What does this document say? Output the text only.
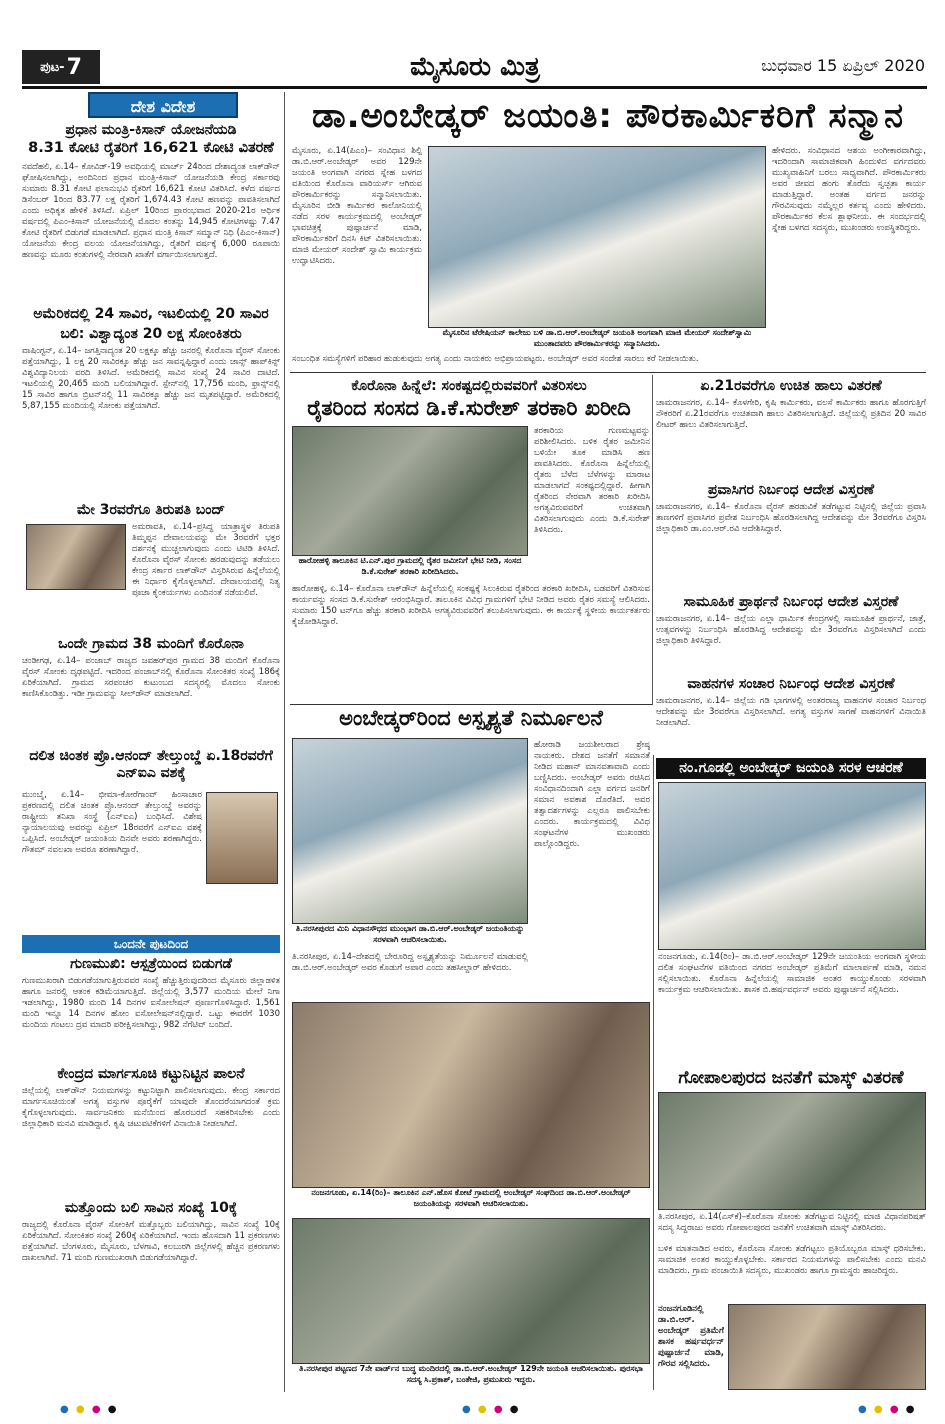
ಪುಟ- 7	ಮೈಸೂರು ಮಿತ್ರ	ಬುಧವಾರ 15 ಏಪ್ರಿಲ್ 2020
ದೇಶ ವಿದೇಶ
ಪ್ರಧಾನ ಮಂತ್ರಿ-ಕಿಸಾನ್ ಯೋಜನೆಯಡಿ
8.31 ಕೋಟಿ ರೈತರಿಗೆ 16,621 ಕೋಟಿ ವಿತರಣೆ
ನವದೆಹಲಿ, ಏ.14– ಕೋವಿಡ್-19 ಅವಧಿಯಲ್ಲಿ ಮಾರ್ಚ್ 24ರಿಂದ ದೇಶಾದ್ಯಂತ ಲಾಕ್‌ಡೌನ್ ಘೋಷಿಸಲಾಗಿದ್ದು, ಅಂದಿನಿಂದ ಪ್ರಧಾನ ಮಂತ್ರಿ-ಕಿಸಾನ್ ಯೋಜನೆಯಡಿ ಕೇಂದ್ರ ಸರ್ಕಾರವು ಸುಮಾರು 8.31 ಕೋಟಿ ಫಲಾನುಭವಿ ರೈತರಿಗೆ 16,621 ಕೋಟಿ ವಿತರಿಸಿದೆ. ಕಳೆದ ವರ್ಷದ ಡಿಸೆಂಬರ್ 1ರಿಂದ 83.77 ಲಕ್ಷ ರೈತರಿಗೆ 1,674.43 ಕೋಟಿ ಹಣವನ್ನು ಪಾವತಿಸಲಾಗಿದೆ ಎಂದು ಅಧಿಕೃತ ಹೇಳಿಕೆ ತಿಳಿಸಿದೆ. ಏಪ್ರಿಲ್ 10ರಿಂದ ಪ್ರಾರಂಭವಾದ 2020-21ರ ಆರ್ಥಿಕ ವರ್ಷದಲ್ಲಿ ಪಿಎಂ-ಕಿಸಾನ್ ಯೋಜನೆಯಲ್ಲಿ ಮೊದಲ ಕಂತನ್ನು 14,945 ಕೋಟಿಗಳಷ್ಟು 7.47 ಕೋಟಿ ರೈತರಿಗೆ ಬಿಡುಗಡೆ ಮಾಡಲಾಗಿದೆ. ಪ್ರಧಾನ ಮಂತ್ರಿ ಕಿಸಾನ್ ಸಮ್ಮಾನ್ ನಿಧಿ (ಪಿಎಂ-ಕಿಸಾನ್) ಯೋಜನೆಯ ಕೇಂದ್ರ ವಲಯ ಯೋಜನೆಯಾಗಿದ್ದು, ರೈತರಿಗೆ ವರ್ಷಕ್ಕೆ 6,000 ರೂಪಾಯಿ ಹಣವನ್ನು ಮೂರು ಕಂತುಗಳಲ್ಲಿ ನೇರವಾಗಿ ಖಾತೆಗೆ ವರ್ಗಾಯಿಸಲಾಗುತ್ತದೆ.
ಅಮೆರಿಕದಲ್ಲಿ 24 ಸಾವಿರ, ಇಟಲಿಯಲ್ಲಿ 20 ಸಾವಿರ
ಬಲಿ: ವಿಶ್ವಾದ್ಯಂತ 20 ಲಕ್ಷ ಸೋಂಕಿತರು
ವಾಷಿಂಗ್ಟನ್, ಏ.14– ಜಗತ್ತಿನಾದ್ಯಂತ 20 ಲಕ್ಷಕ್ಕೂ ಹೆಚ್ಚು ಜನರಲ್ಲಿ ಕೊರೊನಾ ವೈರಸ್ ಸೋಂಕು ಪತ್ತೆಯಾಗಿದ್ದು, 1 ಲಕ್ಷ 20 ಸಾವಿರಕ್ಕೂ ಹೆಚ್ಚು ಜನ ಸಾವನ್ನಪ್ಪಿದ್ದಾರೆ ಎಂದು ಜಾನ್ಸ್ ಹಾಪ್‌ಕಿನ್ಸ್ ವಿಶ್ವವಿದ್ಯಾನಿಲಯ ವರದಿ ತಿಳಿಸಿದೆ. ಅಮೆರಿಕದಲ್ಲಿ ಸಾವಿನ ಸಂಖ್ಯೆ 24 ಸಾವಿರ ದಾಟಿದೆ. ಇಟಲಿಯಲ್ಲಿ 20,465 ಮಂದಿ ಬಲಿಯಾಗಿದ್ದಾರೆ. ಸ್ಪೇನ್‌ನಲ್ಲಿ 17,756 ಮಂದಿ, ಫ್ರಾನ್ಸ್‌ನಲ್ಲಿ 15 ಸಾವಿರ ಹಾಗೂ ಬ್ರಿಟನ್‌ನಲ್ಲಿ 11 ಸಾವಿರಕ್ಕೂ ಹೆಚ್ಚು ಜನ ಮೃತಪಟ್ಟಿದ್ದಾರೆ. ಅಮೆರಿಕದಲ್ಲಿ 5,87,155 ಮಂದಿಯಲ್ಲಿ ಸೋಂಕು ಪತ್ತೆಯಾಗಿದೆ.
ಮೇ 3ರವರೆಗೂ ತಿರುಪತಿ ಬಂದ್
ಅಮರಾವತಿ, ಏ.14–ಪ್ರಸಿದ್ಧ ಯಾತ್ರಾಸ್ಥಳ ತಿರುಪತಿ ತಿಮ್ಮಪ್ಪನ ದೇವಾಲಯವನ್ನು ಮೇ 3ರವರೆಗೆ ಭಕ್ತರ ದರ್ಶನಕ್ಕೆ ಮುಚ್ಚಲಾಗುವುದು ಎಂದು ಟಿಟಿಡಿ ತಿಳಿಸಿದೆ. ಕೊರೊನಾ ವೈರಸ್ ಸೋಂಕು ಹರಡುವುದನ್ನು ತಡೆಯಲು ಕೇಂದ್ರ ಸರ್ಕಾರ ಲಾಕ್‌ಡೌನ್ ವಿಸ್ತರಿಸಿರುವ ಹಿನ್ನೆಲೆಯಲ್ಲಿ ಈ ನಿರ್ಧಾರ ಕೈಗೊಳ್ಳಲಾಗಿದೆ. ದೇವಾಲಯದಲ್ಲಿ ನಿತ್ಯ ಪೂಜಾ ಕೈಂಕರ್ಯಗಳು ಎಂದಿನಂತೆ ನಡೆಯಲಿವೆ.
ಒಂದೇ ಗ್ರಾಮದ 38 ಮಂದಿಗೆ ಕೊರೊನಾ
ಚಂಡೀಗಢ, ಏ.14– ಪಂಜಾಬ್ ರಾಜ್ಯದ ಜವಹರ್‌ಪುರ ಗ್ರಾಮದ 38 ಮಂದಿಗೆ ಕೊರೊನಾ ವೈರಸ್ ಸೋಂಕು ದೃಢಪಟ್ಟಿದೆ. ಇದರಿಂದ ಪಂಜಾಬ್‌ನಲ್ಲಿ ಕೊರೊನಾ ಸೋಂಕಿತರ ಸಂಖ್ಯೆ 186ಕ್ಕೆ ಏರಿಕೆಯಾಗಿದೆ. ಗ್ರಾಮದ ಸರಪಂಚರ ಕುಟುಂಬದ ಸದಸ್ಯರಲ್ಲಿ ಮೊದಲು ಸೋಂಕು ಕಾಣಿಸಿಕೊಂಡಿತ್ತು. ಇಡೀ ಗ್ರಾಮವನ್ನು ಸೀಲ್‌ಡೌನ್ ಮಾಡಲಾಗಿದೆ.
ದಲಿತ ಚಿಂತಕ ಪ್ರೊ.ಆನಂದ್ ತೇಲ್ತುಂಬ್ಡೆ ಏ.18ರವರೆಗೆ ಎನ್‌ಐಎ ವಶಕ್ಕೆ
ಮುಂಬೈ, ಏ.14– ಭೀಮಾ-ಕೋರೆಗಾಂವ್ ಹಿಂಸಾಚಾರ ಪ್ರಕರಣದಲ್ಲಿ ದಲಿತ ಚಿಂತಕ ಪ್ರೊ.ಆನಂದ್ ತೇಲ್ತುಂಬ್ಡೆ ಅವರನ್ನು ರಾಷ್ಟ್ರೀಯ ತನಿಖಾ ಸಂಸ್ಥೆ (ಎನ್‌ಐಎ) ಬಂಧಿಸಿದೆ. ವಿಶೇಷ ನ್ಯಾಯಾಲಯವು ಅವರನ್ನು ಏಪ್ರಿಲ್ 18ರವರೆಗೆ ಎನ್‌ಐಎ ವಶಕ್ಕೆ ಒಪ್ಪಿಸಿದೆ. ಅಂಬೇಡ್ಕರ್ ಜಯಂತಿಯ ದಿನವೇ ಅವರು ಶರಣಾಗಿದ್ದರು. ಗೌತಮ್ ನವಲಖಾ ಅವರೂ ಶರಣಾಗಿದ್ದಾರೆ.
ಒಂದನೇ ಪುಟದಿಂದ
ಗುಣಮುಖಿ: ಆಸ್ಪತ್ರೆಯಿಂದ ಬಿಡುಗಡೆ
ಗುಣಮುಖರಾಗಿ ಬಿಡುಗಡೆಯಾಗುತ್ತಿರುವವರ ಸಂಖ್ಯೆ ಹೆಚ್ಚುತ್ತಿರುವುದರಿಂದ ಮೈಸೂರು ಜಿಲ್ಲಾಡಳಿತ ಹಾಗೂ ಜನರಲ್ಲಿ ಆತಂಕ ಕಡಿಮೆಯಾಗುತ್ತಿದೆ. ಜಿಲ್ಲೆಯಲ್ಲಿ 3,577 ಮಂದಿಯ ಮೇಲೆ ನಿಗಾ ಇಡಲಾಗಿದ್ದು, 1980 ಮಂದಿ 14 ದಿನಗಳ ಐಸೋಲೇಷನ್ ಪೂರ್ಣಗೊಳಿಸಿದ್ದಾರೆ. 1,561 ಮಂದಿ ಇನ್ನೂ 14 ದಿನಗಳ ಹೋಂ ಐಸೋಲೇಷನ್‌ನಲ್ಲಿದ್ದಾರೆ. ಒಟ್ಟು ಈವರೆಗೆ 1030 ಮಂದಿಯ ಗಂಟಲು ದ್ರವ ಮಾದರಿ ಪರೀಕ್ಷಿಸಲಾಗಿದ್ದು, 982 ನೆಗೆಟಿವ್ ಬಂದಿದೆ.
ಕೇಂದ್ರದ ಮಾರ್ಗಸೂಚಿ ಕಟ್ಟುನಿಟ್ಟಿನ ಪಾಲನೆ
ಜಿಲ್ಲೆಯಲ್ಲಿ ಲಾಕ್‌ಡೌನ್ ನಿಯಮಗಳನ್ನು ಕಟ್ಟುನಿಟ್ಟಾಗಿ ಪಾಲಿಸಲಾಗುವುದು. ಕೇಂದ್ರ ಸರ್ಕಾರದ ಮಾರ್ಗಸೂಚಿಯಂತೆ ಅಗತ್ಯ ವಸ್ತುಗಳ ಪೂರೈಕೆಗೆ ಯಾವುದೇ ತೊಂದರೆಯಾಗದಂತೆ ಕ್ರಮ ಕೈಗೊಳ್ಳಲಾಗುವುದು. ಸಾರ್ವಜನಿಕರು ಮನೆಯಿಂದ ಹೊರಬರದೆ ಸಹಕರಿಸಬೇಕು ಎಂದು ಜಿಲ್ಲಾಧಿಕಾರಿ ಮನವಿ ಮಾಡಿದ್ದಾರೆ. ಕೃಷಿ ಚಟುವಟಿಕೆಗಳಿಗೆ ವಿನಾಯಿತಿ ನೀಡಲಾಗಿದೆ.
ಮತ್ತೊಂದು ಬಲಿ ಸಾವಿನ ಸಂಖ್ಯೆ 10ಕ್ಕೆ
ರಾಜ್ಯದಲ್ಲಿ ಕೊರೊನಾ ವೈರಸ್ ಸೋಂಕಿಗೆ ಮತ್ತೊಬ್ಬರು ಬಲಿಯಾಗಿದ್ದು, ಸಾವಿನ ಸಂಖ್ಯೆ 10ಕ್ಕೆ ಏರಿಕೆಯಾಗಿದೆ. ಸೋಂಕಿತರ ಸಂಖ್ಯೆ 260ಕ್ಕೆ ಏರಿಕೆಯಾಗಿದೆ. ಇಂದು ಹೊಸದಾಗಿ 11 ಪ್ರಕರಣಗಳು ಪತ್ತೆಯಾಗಿವೆ. ಬೆಂಗಳೂರು, ಮೈಸೂರು, ಬೆಳಗಾವಿ, ಕಲಬುರಗಿ ಜಿಲ್ಲೆಗಳಲ್ಲಿ ಹೆಚ್ಚಿನ ಪ್ರಕರಣಗಳು ದಾಖಲಾಗಿವೆ. 71 ಮಂದಿ ಗುಣಮುಖರಾಗಿ ಬಿಡುಗಡೆಯಾಗಿದ್ದಾರೆ.
ಡಾ.ಅಂಬೇಡ್ಕರ್ ಜಯಂತಿ: ಪೌರಕಾರ್ಮಿಕರಿಗೆ ಸನ್ಮಾನ
ಮೈಸೂರು, ಏ.14(ಪಿಎಂ)– ಸಂವಿಧಾನ ಶಿಲ್ಪಿ ಡಾ.ಬಿ.ಆರ್.ಅಂಬೇಡ್ಕರ್ ಅವರ 129ನೇ ಜಯಂತಿ ಅಂಗವಾಗಿ ನಗರದ ಸ್ನೇಹ ಬಳಗದ ವತಿಯಿಂದ ಕೊರೊನಾ ವಾರಿಯರ್ಸ್ ಆಗಿರುವ ಪೌರಕಾರ್ಮಿಕರನ್ನು ಸನ್ಮಾನಿಸಲಾಯಿತು. ಮೈಸೂರಿನ ಬೀಡಿ ಕಾರ್ಮಿಕರ ಕಾಲೋನಿಯಲ್ಲಿ ನಡೆದ ಸರಳ ಕಾರ್ಯಕ್ರಮದಲ್ಲಿ ಅಂಬೇಡ್ಕರ್ ಭಾವಚಿತ್ರಕ್ಕೆ ಪುಷ್ಪಾರ್ಚನೆ ಮಾಡಿ, ಪೌರಕಾರ್ಮಿಕರಿಗೆ ದಿನಸಿ ಕಿಟ್ ವಿತರಿಸಲಾಯಿತು. ಮಾಜಿ ಮೇಯರ್ ಸಂದೇಶ್ ಸ್ವಾಮಿ ಕಾರ್ಯಕ್ರಮ ಉದ್ಘಾಟಿಸಿದರು.
ಮೈಸೂರಿನ ಟೆರೇಷಿಯನ್ ಕಾಲೇಜು ಬಳಿ ಡಾ.ಬಿ.ಆರ್.ಅಂಬೇಡ್ಕರ್ ಜಯಂತಿ ಅಂಗವಾಗಿ ಮಾಜಿ ಮೇಯರ್ ಸಂದೇಶ್‌ಸ್ವಾಮಿ ಮುಂತಾದವರು ಪೌರಕಾರ್ಮಿಕರನ್ನು ಸನ್ಮಾನಿಸಿದರು.
ಹೇಳಿದರು. ಸಂವಿಧಾನದ ಆಶಯ ಅಂಗೀಕಾರವಾಗಿದ್ದು, ಇದರಿಂದಾಗಿ ಸಾಮಾಜಿಕವಾಗಿ ಹಿಂದುಳಿದ ವರ್ಗದವರು ಮುಖ್ಯವಾಹಿನಿಗೆ ಬರಲು ಸಾಧ್ಯವಾಗಿದೆ. ಪೌರಕಾರ್ಮಿಕರು ಅವರ ಜೀವದ ಹಂಗು ತೊರೆದು ಸ್ವಚ್ಛತಾ ಕಾರ್ಯ ಮಾಡುತ್ತಿದ್ದಾರೆ. ಅಂತಹ ವರ್ಗದ ಜನರನ್ನು ಗೌರವಿಸುವುದು ನಮ್ಮೆಲ್ಲರ ಕರ್ತವ್ಯ ಎಂದು ಹೇಳಿದರು. ಪೌರಕಾರ್ಮಿಕರ ಕೆಲಸ ಶ್ಲಾಘನೀಯ. ಈ ಸಂದರ್ಭದಲ್ಲಿ ಸ್ನೇಹ ಬಳಗದ ಸದಸ್ಯರು, ಮುಖಂಡರು ಉಪಸ್ಥಿತರಿದ್ದರು.
ಸಂಬಂಧಿತ ಸಮಸ್ಯೆಗಳಿಗೆ ಪರಿಹಾರ ಹುಡುಕುವುದು ಅಗತ್ಯ ಎಂದು ನಾಯಕರು ಅಭಿಪ್ರಾಯಪಟ್ಟರು. ಅಂಬೇಡ್ಕರ್ ಅವರ ಸಂದೇಶ ಸಾರಲು ಕರೆ ನೀಡಲಾಯಿತು.
ಕೊರೊನಾ ಹಿನ್ನೆಲೆ: ಸಂಕಷ್ಟದಲ್ಲಿರುವವರಿಗೆ ವಿತರಿಸಲು
ರೈತರಿಂದ ಸಂಸದ ಡಿ.ಕೆ.ಸುರೇಶ್ ತರಕಾರಿ ಖರೀದಿ
ಹಾರೋಹಳ್ಳಿ ತಾಲೂಕಿನ ಟಿ.ಎನ್.ಪುರ ಗ್ರಾಮದಲ್ಲಿ ರೈತರ ಜಮೀನಿಗೆ ಭೇಟಿ ನೀಡಿ, ಸಂಸದ ಡಿ.ಕೆ.ಸುರೇಶ್ ತರಕಾರಿ ಖರೀದಿಸಿದರು.
ತರಕಾರಿಯ ಗುಣಮಟ್ಟವನ್ನು ಪರಿಶೀಲಿಸಿದರು. ಬಳಿಕ ರೈತರ ಜಮೀನಿನ ಬಳಿಯೇ ತೂಕ ಮಾಡಿಸಿ ಹಣ ಪಾವತಿಸಿದರು. ಕೊರೊನಾ ಹಿನ್ನೆಲೆಯಲ್ಲಿ ರೈತರು ಬೆಳೆದ ಬೆಳೆಗಳನ್ನು ಮಾರಾಟ ಮಾಡಲಾಗದೆ ಸಂಕಷ್ಟದಲ್ಲಿದ್ದಾರೆ. ಹೀಗಾಗಿ ರೈತರಿಂದ ನೇರವಾಗಿ ತರಕಾರಿ ಖರೀದಿಸಿ ಅಗತ್ಯವಿರುವವರಿಗೆ ಉಚಿತವಾಗಿ ವಿತರಿಸಲಾಗುವುದು ಎಂದು ಡಿ.ಕೆ.ಸುರೇಶ್ ತಿಳಿಸಿದರು.
ಹಾರೋಹಳ್ಳಿ, ಏ.14– ಕೊರೊನಾ ಲಾಕ್‌ಡೌನ್ ಹಿನ್ನೆಲೆಯಲ್ಲಿ ಸಂಕಷ್ಟಕ್ಕೆ ಸಿಲುಕಿರುವ ರೈತರಿಂದ ತರಕಾರಿ ಖರೀದಿಸಿ, ಬಡವರಿಗೆ ವಿತರಿಸುವ ಕಾರ್ಯವನ್ನು ಸಂಸದ ಡಿ.ಕೆ.ಸುರೇಶ್ ಆರಂಭಿಸಿದ್ದಾರೆ. ತಾಲೂಕಿನ ವಿವಿಧ ಗ್ರಾಮಗಳಿಗೆ ಭೇಟಿ ನೀಡಿದ ಅವರು ರೈತರ ಸಮಸ್ಯೆ ಆಲಿಸಿದರು. ಸುಮಾರು 150 ಟನ್‌ಗೂ ಹೆಚ್ಚು ತರಕಾರಿ ಖರೀದಿಸಿ ಅಗತ್ಯವಿರುವವರಿಗೆ ತಲುಪಿಸಲಾಗುವುದು. ಈ ಕಾರ್ಯಕ್ಕೆ ಸ್ಥಳೀಯ ಕಾರ್ಯಕರ್ತರು ಕೈಜೋಡಿಸಿದ್ದಾರೆ.
ಏ.21ರವರೆಗೂ ಉಚಿತ ಹಾಲು ವಿತರಣೆ
ಚಾಮರಾಜನಗರ, ಏ.14– ಕೊಳಗೇರಿ, ಕೃಷಿ ಕಾರ್ಮಿಕರು, ವಲಸೆ ಕಾರ್ಮಿಕರು ಹಾಗೂ ಹೊರಗುತ್ತಿಗೆ ನೌಕರರಿಗೆ ಏ.21ರವರೆಗೂ ಉಚಿತವಾಗಿ ಹಾಲು ವಿತರಿಸಲಾಗುತ್ತಿದೆ. ಜಿಲ್ಲೆಯಲ್ಲಿ ಪ್ರತಿದಿನ 20 ಸಾವಿರ ಲೀಟರ್ ಹಾಲು ವಿತರಿಸಲಾಗುತ್ತಿದೆ.
ಪ್ರವಾಸಿಗರ ನಿರ್ಬಂಧ ಆದೇಶ ವಿಸ್ತರಣೆ
ಚಾಮರಾಜನಗರ, ಏ.14– ಕೊರೊನಾ ವೈರಸ್ ಹರಡುವಿಕೆ ತಡೆಗಟ್ಟುವ ನಿಟ್ಟಿನಲ್ಲಿ ಜಿಲ್ಲೆಯ ಪ್ರವಾಸಿ ತಾಣಗಳಿಗೆ ಪ್ರವಾಸಿಗರ ಪ್ರವೇಶ ನಿರ್ಬಂಧಿಸಿ ಹೊರಡಿಸಲಾಗಿದ್ದ ಆದೇಶವನ್ನು ಮೇ 3ರವರೆಗೂ ವಿಸ್ತರಿಸಿ ಜಿಲ್ಲಾಧಿಕಾರಿ ಡಾ.ಎಂ.ಆರ್.ರವಿ ಆದೇಶಿಸಿದ್ದಾರೆ.
ಸಾಮೂಹಿಕ ಪ್ರಾರ್ಥನೆ ನಿರ್ಬಂಧ ಆದೇಶ ವಿಸ್ತರಣೆ
ಚಾಮರಾಜನಗರ, ಏ.14– ಜಿಲ್ಲೆಯ ಎಲ್ಲಾ ಧಾರ್ಮಿಕ ಕೇಂದ್ರಗಳಲ್ಲಿ ಸಾಮೂಹಿಕ ಪ್ರಾರ್ಥನೆ, ಜಾತ್ರೆ, ಉತ್ಸವಗಳನ್ನು ನಿರ್ಬಂಧಿಸಿ ಹೊರಡಿಸಿದ್ದ ಆದೇಶವನ್ನು ಮೇ 3ರವರೆಗೂ ವಿಸ್ತರಿಸಲಾಗಿದೆ ಎಂದು ಜಿಲ್ಲಾಧಿಕಾರಿ ತಿಳಿಸಿದ್ದಾರೆ.
ವಾಹನಗಳ ಸಂಚಾರ ನಿರ್ಬಂಧ ಆದೇಶ ವಿಸ್ತರಣೆ
ಚಾಮರಾಜನಗರ, ಏ.14– ಜಿಲ್ಲೆಯ ಗಡಿ ಭಾಗಗಳಲ್ಲಿ ಅಂತರರಾಜ್ಯ ವಾಹನಗಳ ಸಂಚಾರ ನಿರ್ಬಂಧ ಆದೇಶವನ್ನು ಮೇ 3ರವರೆಗೂ ವಿಸ್ತರಿಸಲಾಗಿದೆ. ಅಗತ್ಯ ವಸ್ತುಗಳ ಸಾಗಣೆ ವಾಹನಗಳಿಗೆ ವಿನಾಯಿತಿ ನೀಡಲಾಗಿದೆ.
ಅಂಬೇಡ್ಕರ್‌ರಿಂದ ಅಸ್ಪೃಶ್ಯತೆ ನಿರ್ಮೂಲನೆ
ತಿ.ನರಸೀಪುರದ ಮಿನಿ ವಿಧಾನಸೌಧದ ಮುಂಭಾಗ ಡಾ.ಬಿ.ಆರ್.ಅಂಬೇಡ್ಕರ್ ಜಯಂತಿಯನ್ನು ಸರಳವಾಗಿ ಆಚರಿಸಲಾಯಿತು.
ತಿ.ನರಸೀಪುರ, ಏ.14–ದೇಶದಲ್ಲಿ ಬೇರೂರಿದ್ದ ಅಸ್ಪೃಶ್ಯತೆಯನ್ನು ನಿರ್ಮೂಲನೆ ಮಾಡುವಲ್ಲಿ ಡಾ.ಬಿ.ಆರ್.ಅಂಬೇಡ್ಕರ್ ಅವರ ಕೊಡುಗೆ ಅಪಾರ ಎಂದು ತಹಸೀಲ್ದಾರ್ ಹೇಳಿದರು.
ಹೋರಾಡಿ ಜಯಶೀಲರಾದ ಶ್ರೇಷ್ಠ ನಾಯಕರು. ದೇಶದ ಜನತೆಗೆ ಸಮಾನತೆ ನೀಡಿದ ಮಹಾನ್ ಮಾನವತಾವಾದಿ ಎಂದು ಬಣ್ಣಿಸಿದರು. ಅಂಬೇಡ್ಕರ್ ಅವರು ರಚಿಸಿದ ಸಂವಿಧಾನದಿಂದಾಗಿ ಎಲ್ಲಾ ವರ್ಗದ ಜನರಿಗೆ ಸಮಾನ ಅವಕಾಶ ದೊರೆತಿದೆ. ಅವರ ತತ್ವಾದರ್ಶಗಳನ್ನು ಎಲ್ಲರೂ ಪಾಲಿಸಬೇಕು ಎಂದರು. ಕಾರ್ಯಕ್ರಮದಲ್ಲಿ ವಿವಿಧ ಸಂಘಟನೆಗಳ ಮುಖಂಡರು ಪಾಲ್ಗೊಂಡಿದ್ದರು.
ನಂಜನಗೂಡು, ಏ.14(ರಿಂ)– ತಾಲೂಕಿನ ಎನ್.ಹೊಸ ಕೋಟೆ ಗ್ರಾಮದಲ್ಲಿ ಅಂಬೇಡ್ಕರ್ ಸಂಘದಿಂದ ಡಾ.ಬಿ.ಆರ್.ಅಂಬೇಡ್ಕರ್ ಜಯಂತಿಯನ್ನು ಸರಳವಾಗಿ ಆಚರಿಸಲಾಯಿತು.
ತಿ.ನರಸೀಪುರ ಪಟ್ಟಣದ 7ನೇ ವಾರ್ಡ್‌ನ ಬುದ್ಧ ಮಂದಿರದಲ್ಲಿ ಡಾ.ಬಿ.ಆರ್.ಅಂಬೇಡ್ಕರ್ 129ನೇ ಜಯಂತಿ ಆಚರಿಸಲಾಯಿತು. ಪುರಸಭಾ ಸದಸ್ಯ ಸಿ.ಪ್ರಕಾಶ್, ಬಂತೇಜಿ, ಪ್ರಮುಖರು ಇದ್ದರು.
ನಂ.ಗೂಡಲ್ಲಿ ಅಂಬೇಡ್ಕರ್ ಜಯಂತಿ ಸರಳ ಆಚರಣೆ
ನಂಜನಗೂಡು, ಏ.14(ರಿಂ)– ಡಾ.ಬಿ.ಆರ್.ಅಂಬೇಡ್ಕರ್ 129ನೇ ಜಯಂತಿಯ ಅಂಗವಾಗಿ ಸ್ಥಳೀಯ ದಲಿತ ಸಂಘಟನೆಗಳ ವತಿಯಿಂದ ನಗರದ ಅಂಬೇಡ್ಕರ್ ಪ್ರತಿಮೆಗೆ ಮಾಲಾರ್ಪಣೆ ಮಾಡಿ, ನಮನ ಸಲ್ಲಿಸಲಾಯಿತು. ಕೊರೊನಾ ಹಿನ್ನೆಲೆಯಲ್ಲಿ ಸಾಮಾಜಿಕ ಅಂತರ ಕಾಯ್ದುಕೊಂಡು ಸರಳವಾಗಿ ಕಾರ್ಯಕ್ರಮ ಆಚರಿಸಲಾಯಿತು. ಶಾಸಕ ಬಿ.ಹರ್ಷವರ್ಧನ್ ಅವರು ಪುಷ್ಪಾರ್ಚನೆ ಸಲ್ಲಿಸಿದರು.
ಗೋಪಾಲಪುರದ ಜನತೆಗೆ ಮಾಸ್ಕ್ ವಿತರಣೆ
ತಿ.ನರಸೀಪುರ, ಏ.14(ಎಸ್‌ಕೆ)–ಕೊರೊನಾ ಸೋಂಕು ತಡೆಗಟ್ಟುವ ನಿಟ್ಟಿನಲ್ಲಿ ಮಾಜಿ ವಿಧಾನಪರಿಷತ್ ಸದಸ್ಯ ಸಿದ್ದರಾಜು ಅವರು ಗೋಪಾಲಪುರದ ಜನತೆಗೆ ಉಚಿತವಾಗಿ ಮಾಸ್ಕ್ ವಿತರಿಸಿದರು.
ಬಳಿಕ ಮಾತನಾಡಿದ ಅವರು, ಕೊರೊನಾ ಸೋಂಕು ತಡೆಗಟ್ಟಲು ಪ್ರತಿಯೊಬ್ಬರೂ ಮಾಸ್ಕ್ ಧರಿಸಬೇಕು. ಸಾಮಾಜಿಕ ಅಂತರ ಕಾಯ್ದುಕೊಳ್ಳಬೇಕು. ಸರ್ಕಾರದ ನಿಯಮಗಳನ್ನು ಪಾಲಿಸಬೇಕು ಎಂದು ಮನವಿ ಮಾಡಿದರು. ಗ್ರಾಮ ಪಂಚಾಯಿತಿ ಸದಸ್ಯರು, ಮುಖಂಡರು ಹಾಗೂ ಗ್ರಾಮಸ್ಥರು ಹಾಜರಿದ್ದರು.
ನಂಜನಗೂಡಿನಲ್ಲಿ ಡಾ.ಬಿ.ಆರ್. ಅಂಬೇಡ್ಕರ್ ಪ್ರತಿಮೆಗೆ ಶಾಸಕ ಹರ್ಷವರ್ಧನ್ ಪುಷ್ಪಾರ್ಚನೆ ಮಾಡಿ, ಗೌರವ ಸಲ್ಲಿಸಿದರು.
● ● ● ●	● ● ● ●	● ● ● ●
